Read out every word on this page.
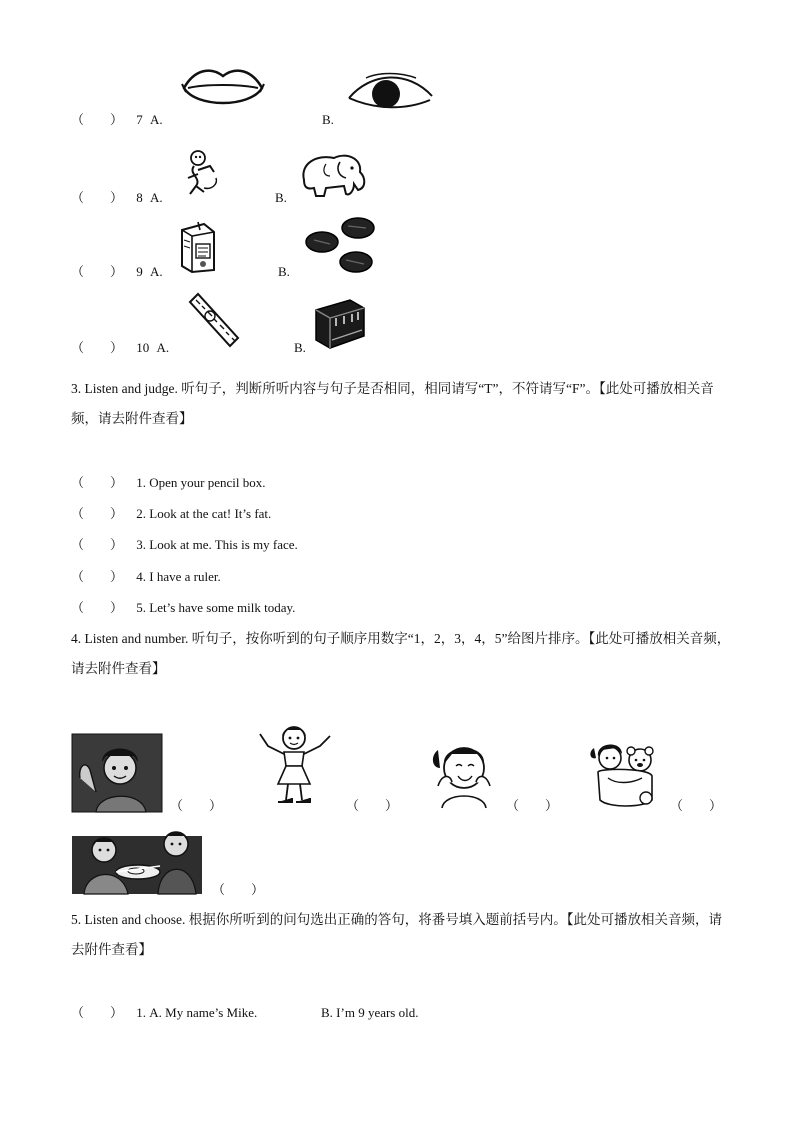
（　　） 7 A.	B.
（　　） 8 A.	B.
（　　） 9 A.	B.
（　　） 10 A.	B.
3. Listen and judge. 听句子，判断所听内容与句子是否相同，相同请写“T”，不符请写“F”。【此处可播放相关音频，请去附件查看】
（　　） 1. Open your pencil box.
（　　） 2. Look at the cat! It’s fat.
（　　） 3. Look at me. This is my face.
（　　） 4. I have a ruler.
（　　） 5. Let’s have some milk today.
4. Listen and number. 听句子，按你听到的句子顺序用数字“1，2，3，4，5”给图片排序。【此处可播放相关音频，请去附件查看】
（　　）	（　　）	（　　）	（　　）
（　　）
5. Listen and choose. 根据你所听到的问句选出正确的答句，将番号填入题前括号内。【此处可播放相关音频，请去附件查看】
（　　） 1. A. My name’s Mike.	B. I’m 9 years old.
